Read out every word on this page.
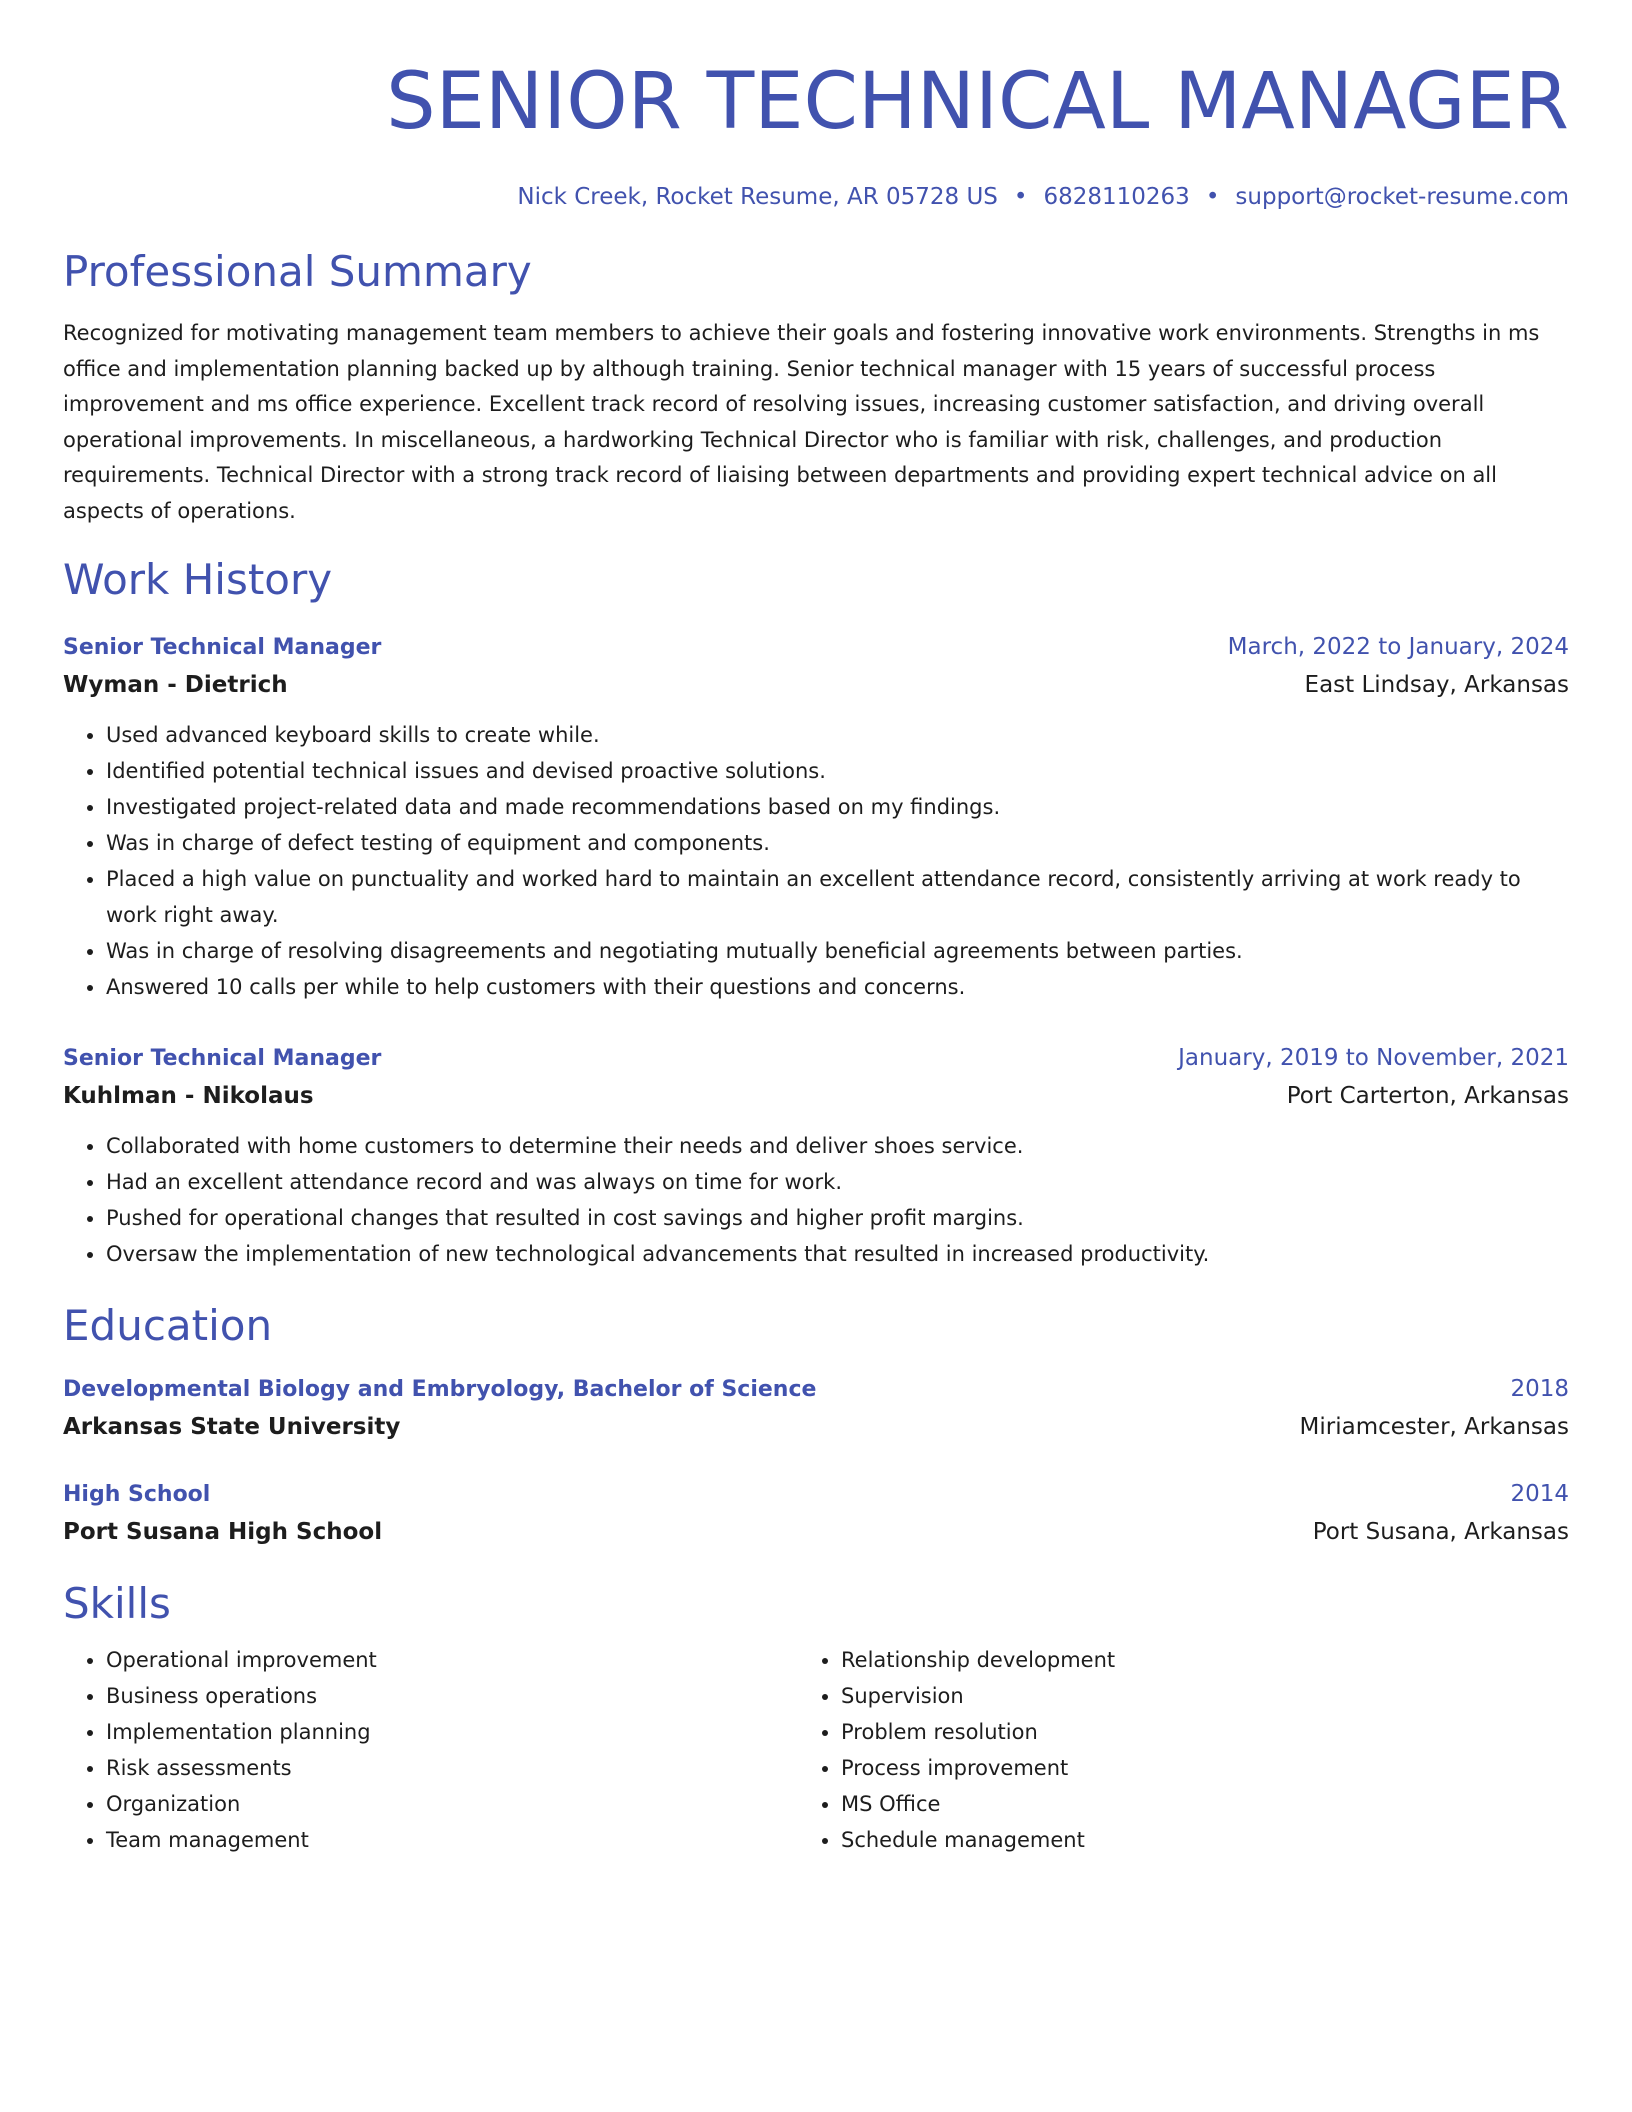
SENIOR TECHNICAL MANAGER
Nick Creek, Rocket Resume, AR 05728 US • 6828110263 • support@rocket-resume.com
Professional Summary
Recognized for motivating management team members to achieve their goals and fostering innovative work environments. Strengths in ms office and implementation planning backed up by although training. Senior technical manager with 15 years of successful process improvement and ms office experience. Excellent track record of resolving issues, increasing customer satisfaction, and driving overall operational improvements. In miscellaneous, a hardworking Technical Director who is familiar with risk, challenges, and production requirements. Technical Director with a strong track record of liaising between departments and providing expert technical advice on all aspects of operations.
Work History
Senior Technical Manager	March, 2022 to January, 2024
Wyman - Dietrich	East Lindsay, Arkansas
• Used advanced keyboard skills to create while.
• Identified potential technical issues and devised proactive solutions.
• Investigated project-related data and made recommendations based on my findings.
• Was in charge of defect testing of equipment and components.
• Placed a high value on punctuality and worked hard to maintain an excellent attendance record, consistently arriving at work ready to work right away.
• Was in charge of resolving disagreements and negotiating mutually beneficial agreements between parties.
• Answered 10 calls per while to help customers with their questions and concerns.
Senior Technical Manager	January, 2019 to November, 2021
Kuhlman - Nikolaus	Port Carterton, Arkansas
• Collaborated with home customers to determine their needs and deliver shoes service.
• Had an excellent attendance record and was always on time for work.
• Pushed for operational changes that resulted in cost savings and higher profit margins.
• Oversaw the implementation of new technological advancements that resulted in increased productivity.
Education
Developmental Biology and Embryology, Bachelor of Science	2018
Arkansas State University	Miriamcester, Arkansas
High School	2014
Port Susana High School	Port Susana, Arkansas
Skills
• Operational improvement
• Business operations
• Implementation planning
• Risk assessments
• Organization
• Team management
• Relationship development
• Supervision
• Problem resolution
• Process improvement
• MS Office
• Schedule management
